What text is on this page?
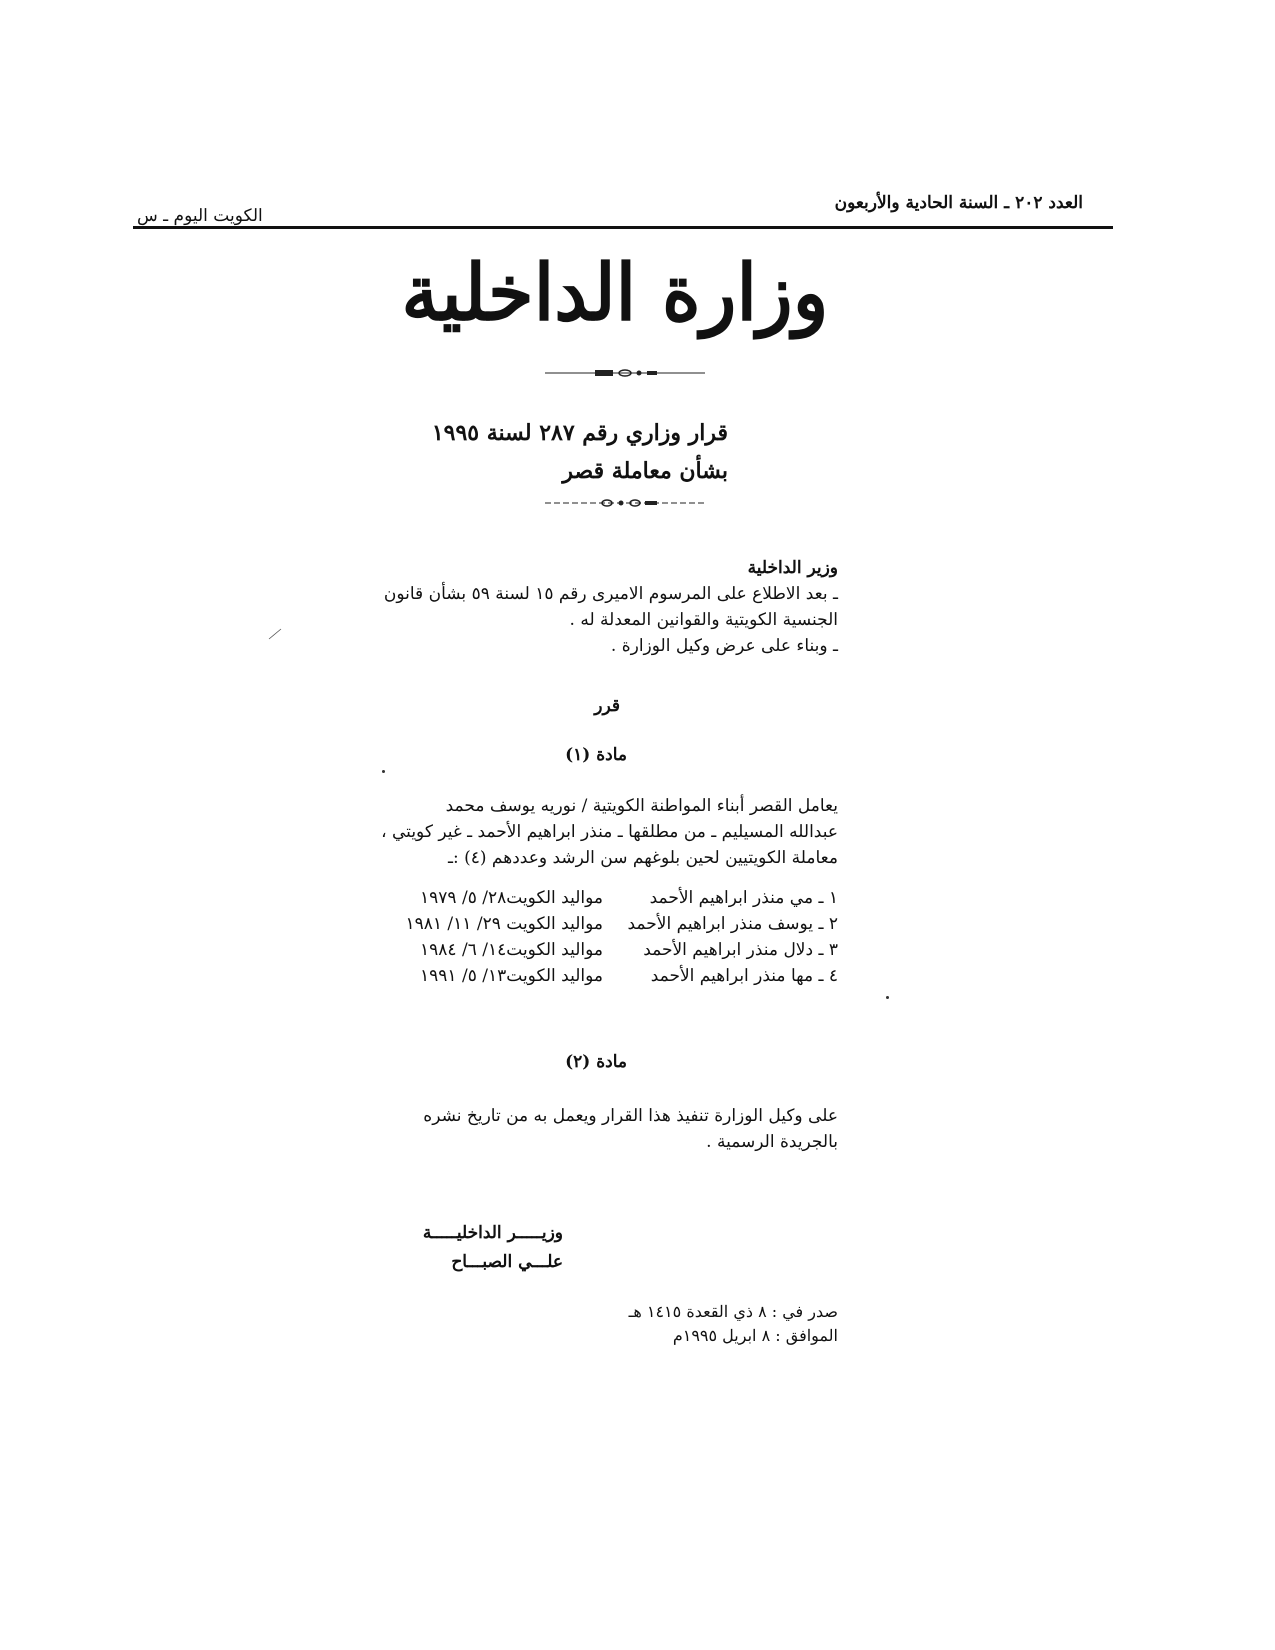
العدد ٢٠٢ ـ السنة الحادية والأربعون
الكويت اليوم ـ س
وزارة الداخلية
قرار وزاري رقم ٢٨٧ لسنة ١٩٩٥
بشأن معاملة قصر
وزير الداخلية
ـ بعد الاطلاع على المرسوم الاميرى رقم ١٥ لسنة ٥٩ بشأن قانون
الجنسية الكويتية والقوانين المعدلة له .
ـ وبناء على عرض وكيل الوزارة .
قرر
مادة (١)
يعامل القصر أبناء المواطنة الكويتية / نوريه يوسف محمد
عبدالله المسيليم ـ من مطلقها ـ منذر ابراهيم الأحمد ـ غير كويتي ،
معاملة الكويتيين لحين بلوغهم سن الرشد وعددهم (٤) :ـ
١ ـ مي منذر ابراهيم الأحمد
مواليد الكويت٢٨/ ٥/ ١٩٧٩
٢ ـ يوسف منذر ابراهيم الأحمد
مواليد الكويت ٢٩/ ١١/ ١٩٨١
٣ ـ دلال منذر ابراهيم الأحمد
مواليد الكويت١٤/ ٦/ ١٩٨٤
٤ ـ مها منذر ابراهيم الأحمد
مواليد الكويت١٣/ ٥/ ١٩٩١
مادة (٢)
على وكيل الوزارة تنفيذ هذا القرار ويعمل به من تاريخ نشره
بالجريدة الرسمية .
وزيـــــر الداخليـــــة
علـــي الصبـــاح
صدر في : ٨ ذي القعدة ١٤١٥ هـ
الموافق : ٨ ابريل ١٩٩٥م
